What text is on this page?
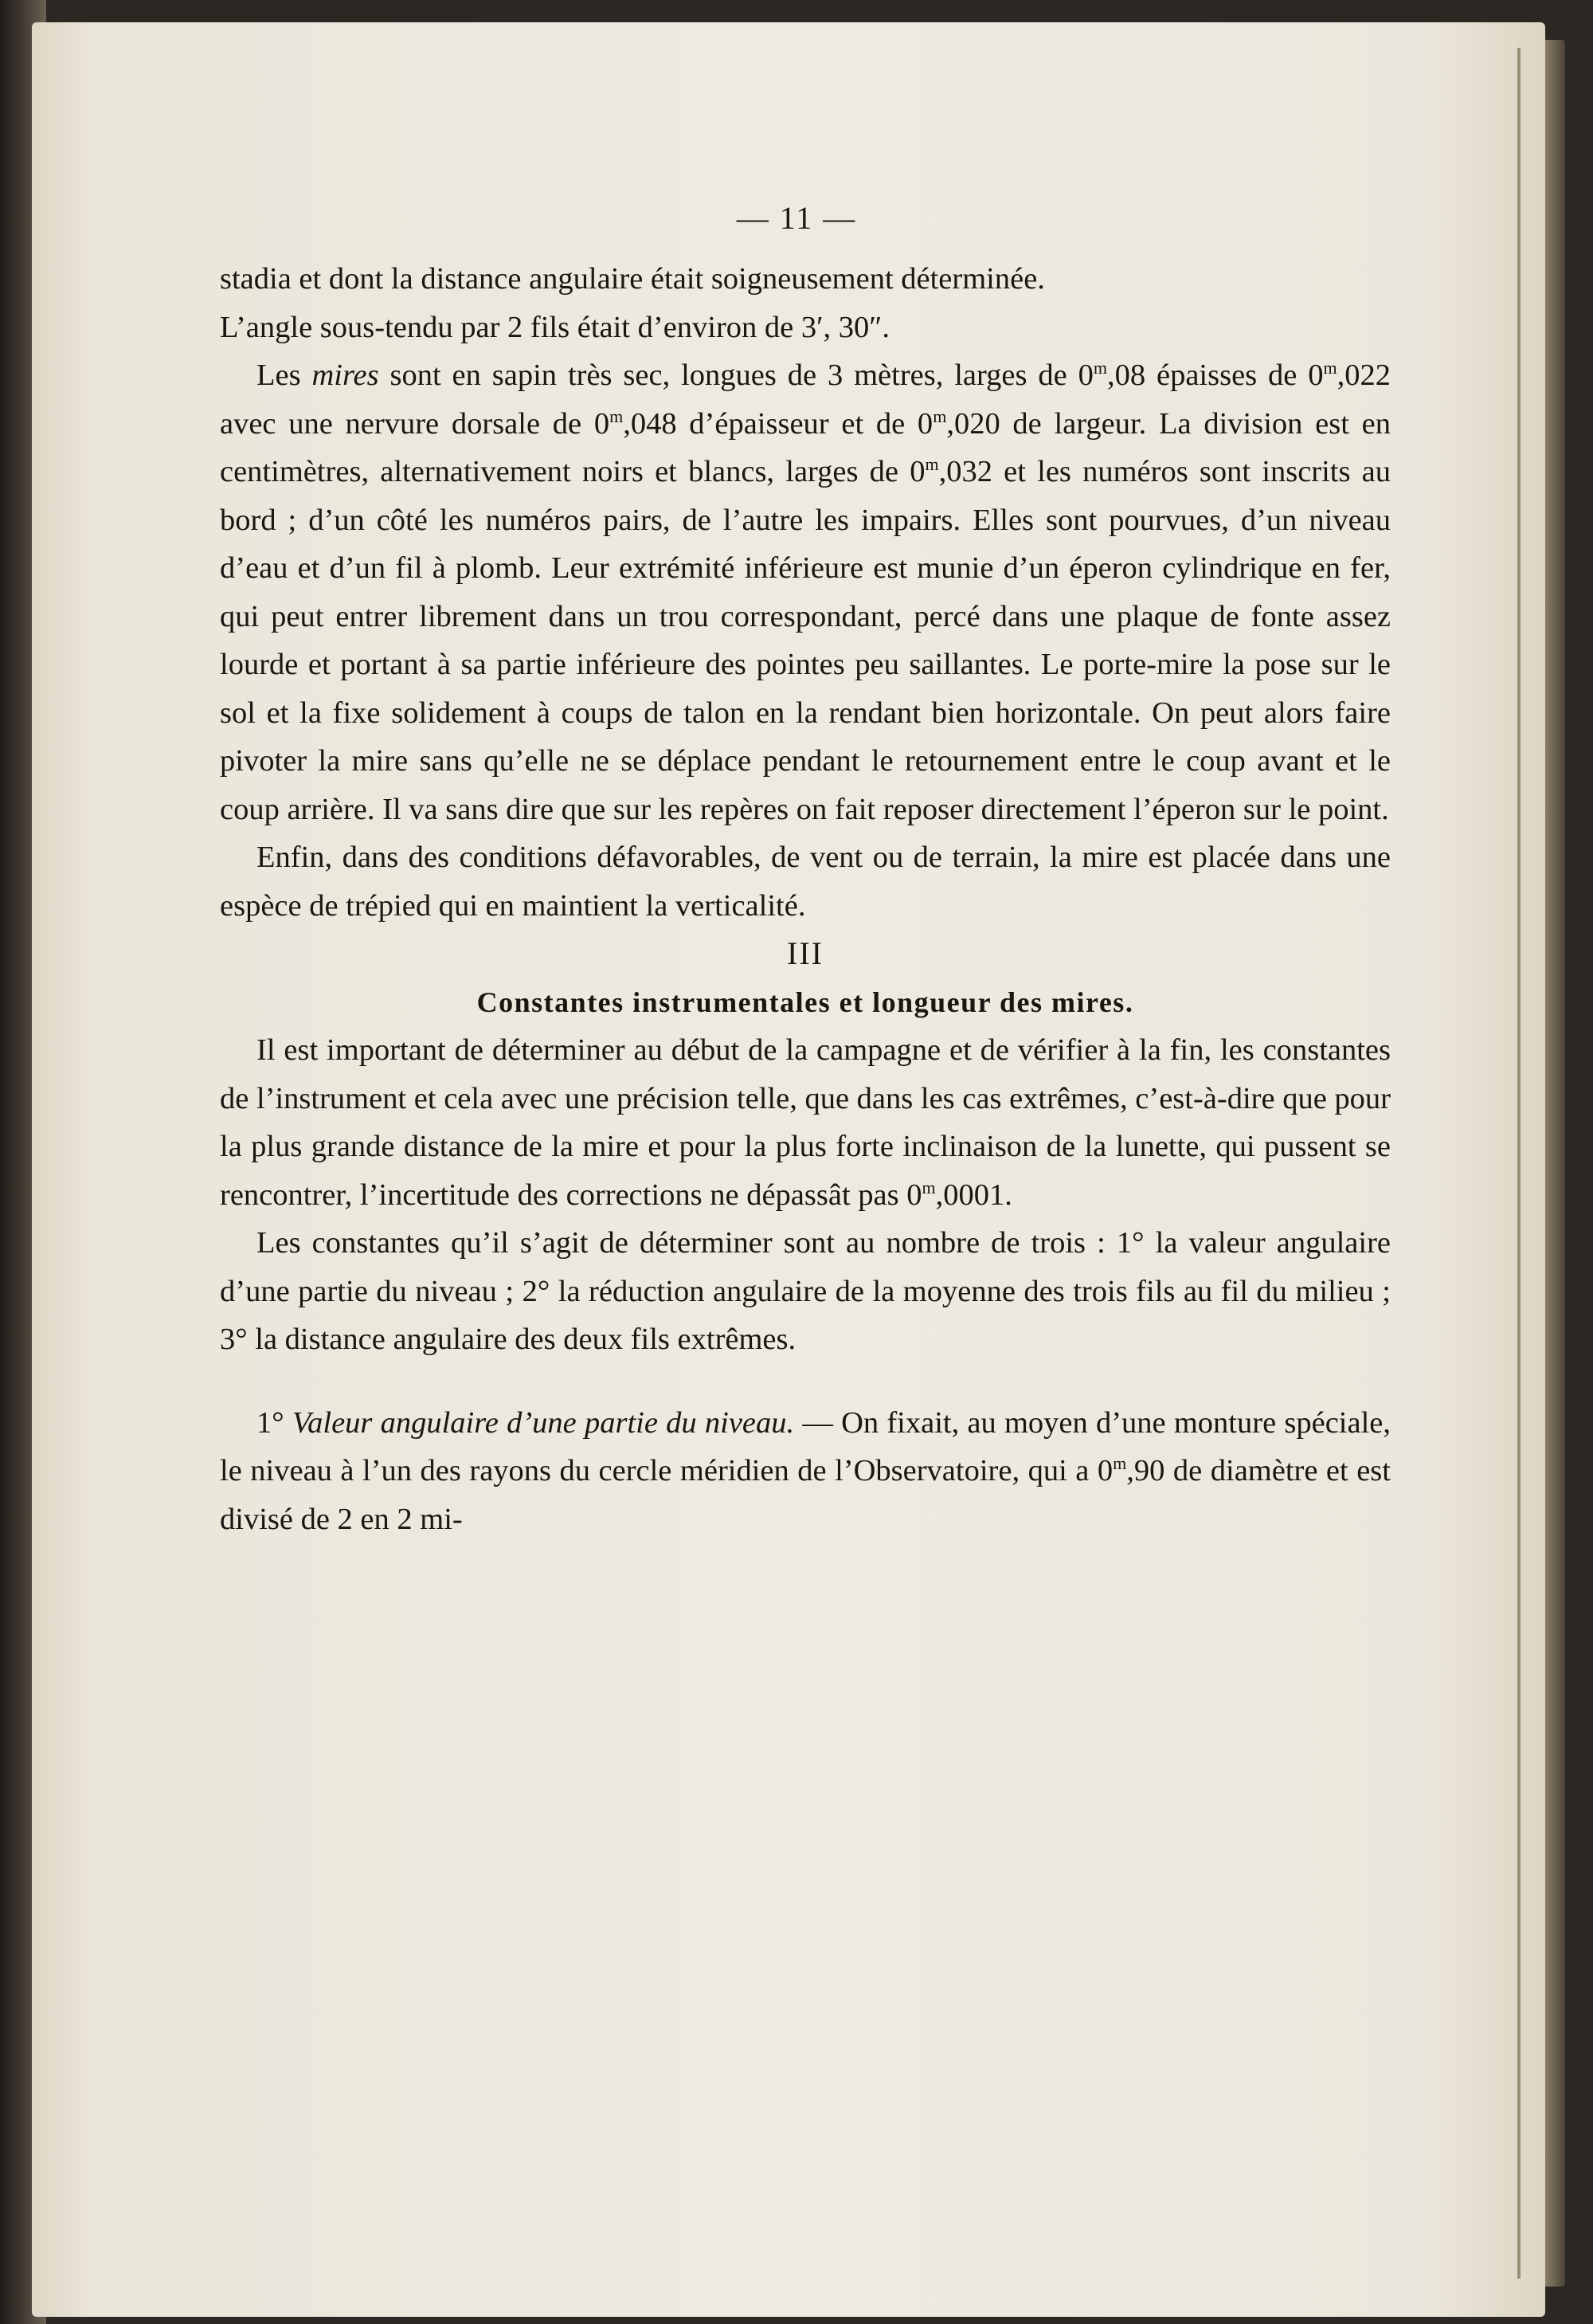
— 11 —

stadia et dont la distance angulaire était soigneusement déterminée.
L’angle sous-tendu par 2 fils était d’environ de 3′, 30″.

Les mires sont en sapin très sec, longues de 3 mètres, larges de 0$^m$,08 épaisses de 0$^m$,022 avec une nervure dorsale de 0$^m$,048 d’épaisseur et de 0$^m$,020 de largeur. La division est en centimètres, alternativement noirs et blancs, larges de 0$^m$,032 et les numéros sont inscrits au bord ; d’un côté les numéros pairs, de l’autre les impairs. Elles sont pourvues, d’un niveau d’eau et d’un fil à plomb. Leur extrémité inférieure est munie d’un éperon cylindrique en fer, qui peut entrer librement dans un trou correspondant, percé dans une plaque de fonte assez lourde et portant à sa partie inférieure des pointes peu saillantes. Le porte-mire la pose sur le sol et la fixe solidement à coups de talon en la rendant bien horizontale. On peut alors faire pivoter la mire sans qu’elle ne se déplace pendant le retournement entre le coup avant et le coup arrière. Il va sans dire que sur les repères on fait reposer directement l’éperon sur le point.

Enfin, dans des conditions défavorables, de vent ou de terrain, la mire est placée dans une espèce de trépied qui en maintient la verticalité.

III

Constantes instrumentales et longueur des mires.

Il est important de déterminer au début de la campagne et de vérifier à la fin, les constantes de l’instrument et cela avec une précision telle, que dans les cas extrêmes, c’est-à-dire que pour la plus grande distance de la mire et pour la plus forte inclinaison de la lunette, qui pussent se rencontrer, l’incertitude des corrections ne dépassât pas 0$^m$,0001.

Les constantes qu’il s’agit de déterminer sont au nombre de trois : 1° la valeur angulaire d’une partie du niveau ; 2° la réduction angulaire de la moyenne des trois fils au fil du milieu ; 3° la distance angulaire des deux fils extrêmes.

1° Valeur angulaire d’une partie du niveau. — On fixait, au moyen d’une monture spéciale, le niveau à l’un des rayons du cercle méridien de l’Observatoire, qui a 0$^m$,90 de diamètre et est divisé de 2 en 2 mi-
